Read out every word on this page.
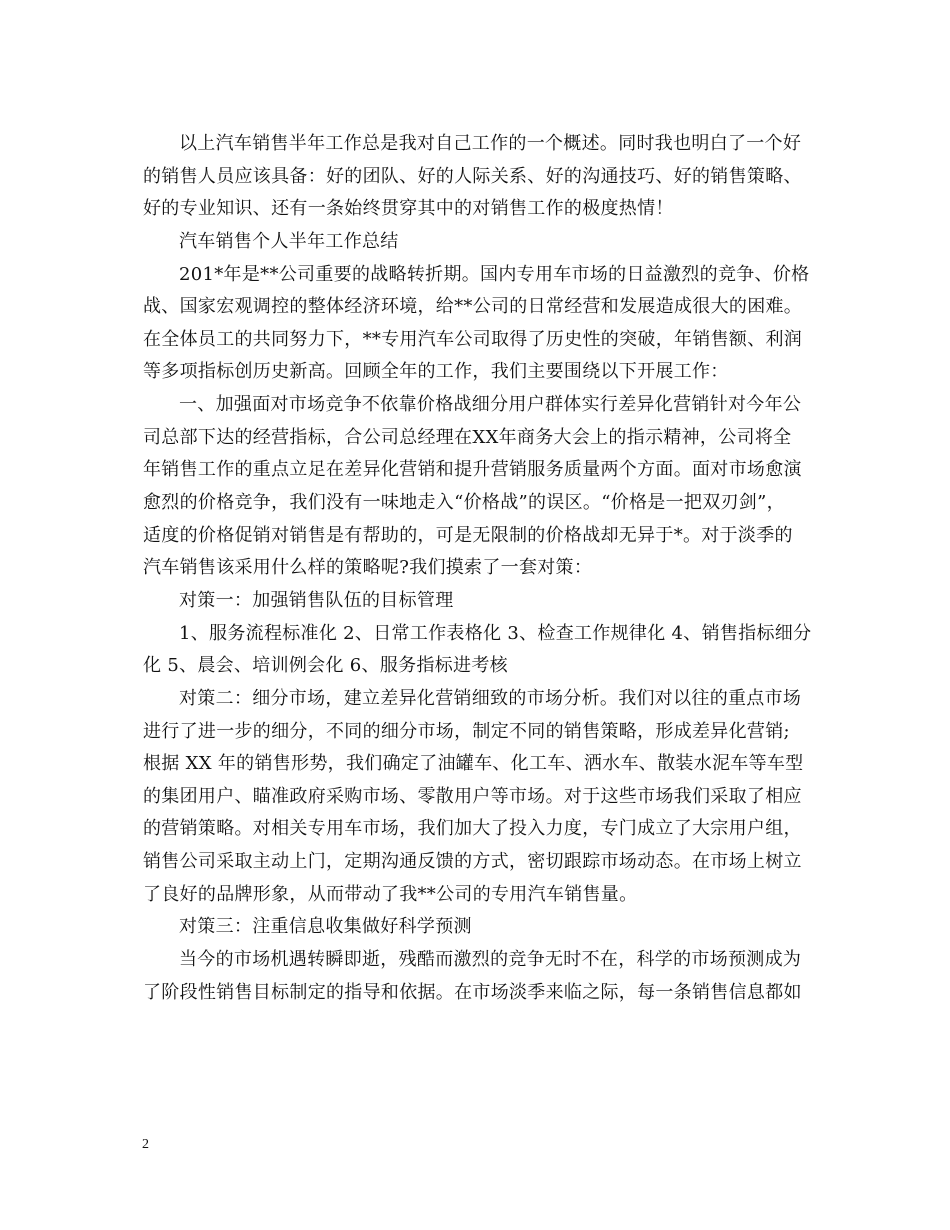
以上汽车销售半年工作总是我对自己工作的一个概述。同时我也明白了一个好
的销售人员应该具备：好的团队、好的人际关系、好的沟通技巧、好的销售策略、
好的专业知识、还有一条始终贯穿其中的对销售工作的极度热情！
汽车销售个人半年工作总结
201*年是**公司重要的战略转折期。国内专用车市场的日益激烈的竞争、价格
战、国家宏观调控的整体经济环境，给**公司的日常经营和发展造成很大的困难。
在全体员工的共同努力下，**专用汽车公司取得了历史性的突破，年销售额、利润
等多项指标创历史新高。回顾全年的工作，我们主要围绕以下开展工作：
一、加强面对市场竞争不依靠价格战细分用户群体实行差异化营销针对今年公
司总部下达的经营指标，合公司总经理在XX年商务大会上的指示精神，公司将全
年销售工作的重点立足在差异化营销和提升营销服务质量两个方面。面对市场愈演
愈烈的价格竞争，我们没有一味地走入“价格战”的误区。“价格是一把双刃剑”，
适度的价格促销对销售是有帮助的，可是无限制的价格战却无异于*。对于淡季的
汽车销售该采用什么样的策略呢?我们摸索了一套对策：
对策一：加强销售队伍的目标管理
1、服务流程标准化 2、日常工作表格化 3、检查工作规律化 4、销售指标细分
化 5、晨会、培训例会化 6、服务指标进考核
对策二：细分市场，建立差异化营销细致的市场分析。我们对以往的重点市场
进行了进一步的细分，不同的细分市场，制定不同的销售策略，形成差异化营销;
根据 XX 年的销售形势，我们确定了油罐车、化工车、洒水车、散装水泥车等车型
的集团用户、瞄准政府采购市场、零散用户等市场。对于这些市场我们采取了相应
的营销策略。对相关专用车市场，我们加大了投入力度，专门成立了大宗用户组，
销售公司采取主动上门，定期沟通反馈的方式，密切跟踪市场动态。在市场上树立
了良好的品牌形象，从而带动了我**公司的专用汽车销售量。
对策三：注重信息收集做好科学预测
当今的市场机遇转瞬即逝，残酷而激烈的竞争无时不在，科学的市场预测成为
了阶段性销售目标制定的指导和依据。在市场淡季来临之际，每一条销售信息都如
2
